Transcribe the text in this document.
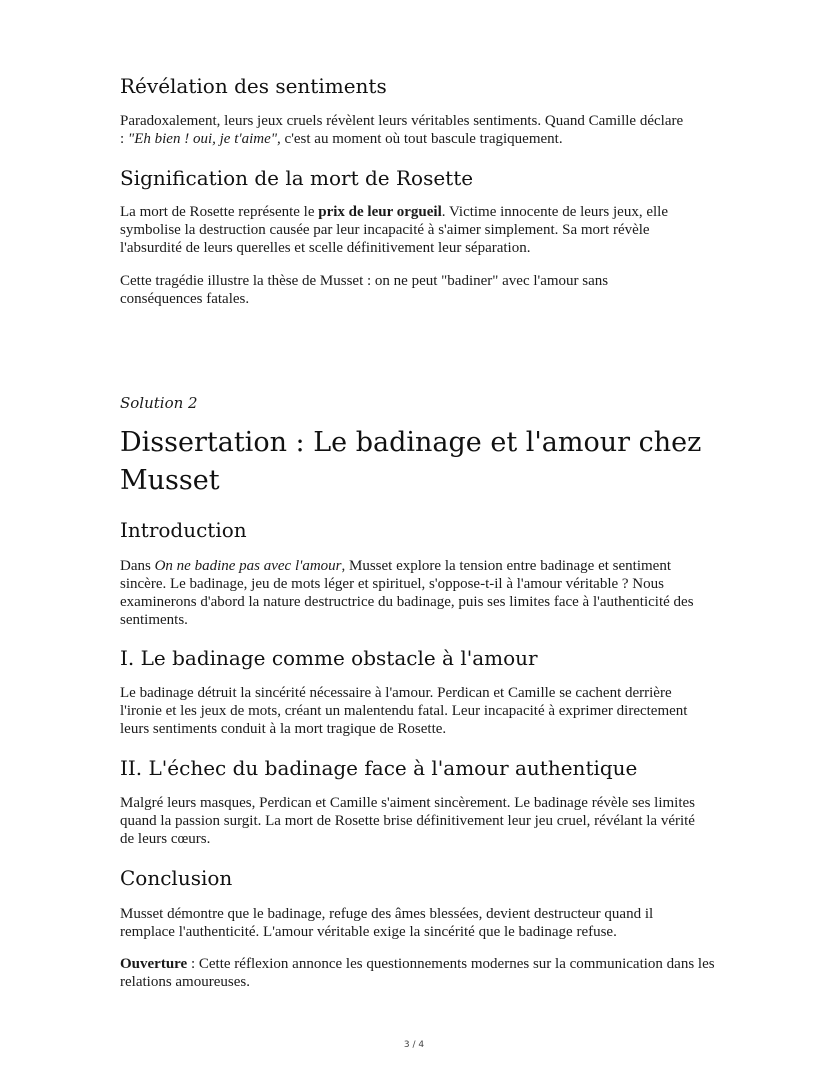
Révélation des sentiments

Paradoxalement, leurs jeux cruels révèlent leurs véritables sentiments. Quand Camille déclare : "Eh bien ! oui, je t'aime", c'est au moment où tout bascule tragiquement.

Signification de la mort de Rosette

La mort de Rosette représente le prix de leur orgueil. Victime innocente de leurs jeux, elle symbolise la destruction causée par leur incapacité à s'aimer simplement. Sa mort révèle l'absurdité de leurs querelles et scelle définitivement leur séparation.

Cette tragédie illustre la thèse de Musset : on ne peut "badiner" avec l'amour sans conséquences fatales.

Solution 2
Dissertation : Le badinage et l'amour chez Musset
Introduction

Dans On ne badine pas avec l'amour, Musset explore la tension entre badinage et sentiment sincère. Le badinage, jeu de mots léger et spirituel, s'oppose-t-il à l'amour véritable ? Nous examinerons d'abord la nature destructrice du badinage, puis ses limites face à l'authenticité des sentiments.

I. Le badinage comme obstacle à l'amour

Le badinage détruit la sincérité nécessaire à l'amour. Perdican et Camille se cachent derrière l'ironie et les jeux de mots, créant un malentendu fatal. Leur incapacité à exprimer directement leurs sentiments conduit à la mort tragique de Rosette.

II. L'échec du badinage face à l'amour authentique

Malgré leurs masques, Perdican et Camille s'aiment sincèrement. Le badinage révèle ses limites quand la passion surgit. La mort de Rosette brise définitivement leur jeu cruel, révélant la vérité de leurs cœurs.

Conclusion

Musset démontre que le badinage, refuge des âmes blessées, devient destructeur quand il remplace l'authenticité. L'amour véritable exige la sincérité que le badinage refuse.

Ouverture : Cette réflexion annonce les questionnements modernes sur la communication dans les relations amoureuses.

3 / 4
